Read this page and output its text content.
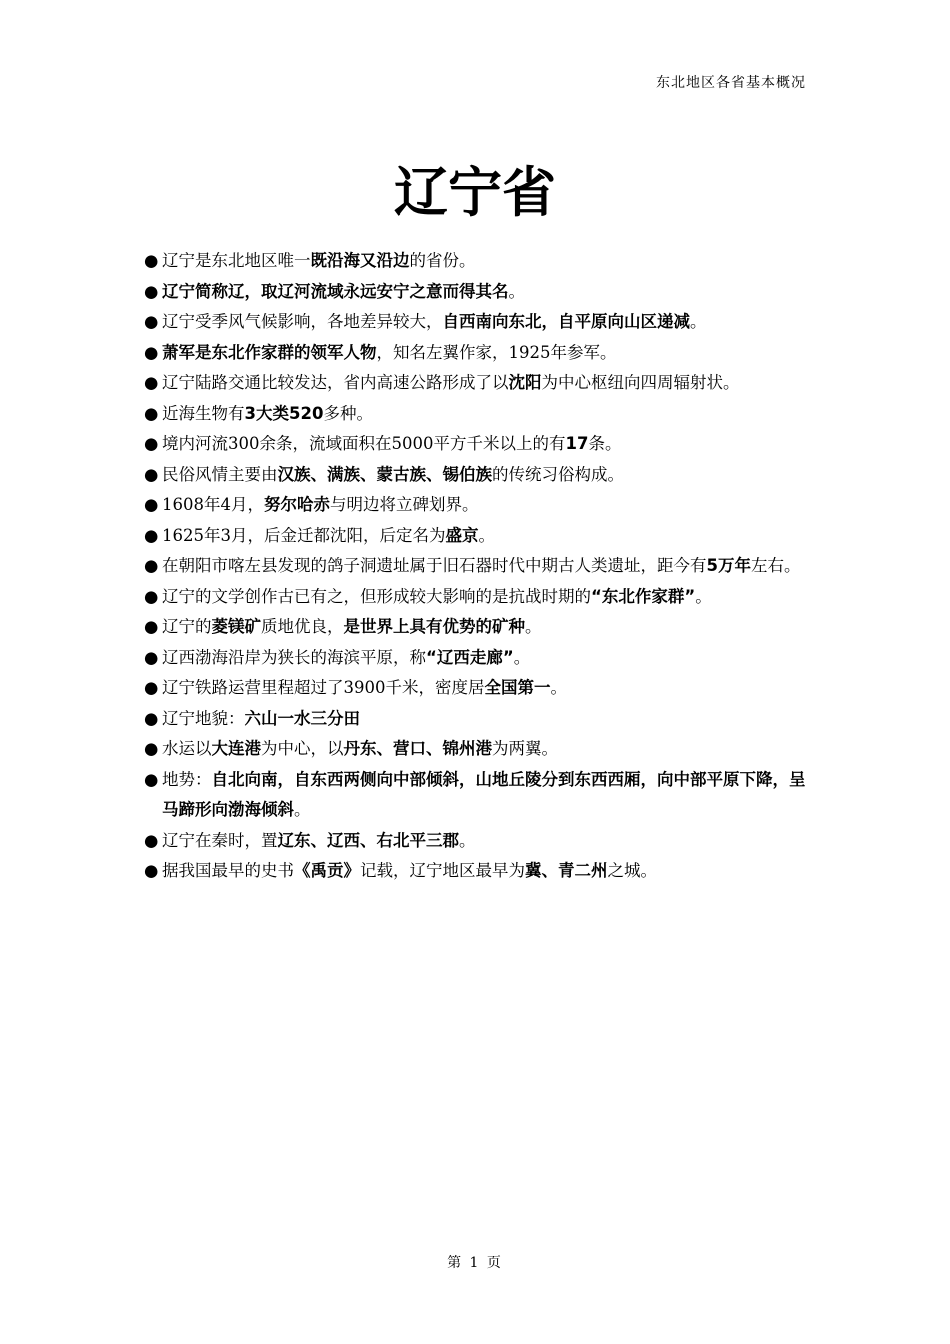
东北地区各省基本概况
辽宁省
● 辽宁是东北地区唯一既沿海又沿边的省份。
● 辽宁简称辽，取辽河流域永远安宁之意而得其名。
● 辽宁受季风气候影响，各地差异较大，自西南向东北，自平原向山区递减。
● 萧军是东北作家群的领军人物，知名左翼作家，1925年参军。
● 辽宁陆路交通比较发达，省内高速公路形成了以沈阳为中心枢纽向四周辐射状。
● 近海生物有3大类520多种。
● 境内河流300余条，流域面积在5000平方千米以上的有17条。
● 民俗风情主要由汉族、满族、蒙古族、锡伯族的传统习俗构成。
● 1608年4月，努尔哈赤与明边将立碑划界。
● 1625年3月，后金迁都沈阳，后定名为盛京。
● 在朝阳市喀左县发现的鸽子洞遗址属于旧石器时代中期古人类遗址，距今有5万年左右。
● 辽宁的文学创作古已有之，但形成较大影响的是抗战时期的“东北作家群”。
● 辽宁的菱镁矿质地优良，是世界上具有优势的矿种。
● 辽西渤海沿岸为狭长的海滨平原，称“辽西走廊”。
● 辽宁铁路运营里程超过了3900千米，密度居全国第一。
● 辽宁地貌：六山一水三分田
● 水运以大连港为中心，以丹东、营口、锦州港为两翼。
● 地势：自北向南，自东西两侧向中部倾斜，山地丘陵分到东西西厢，向中部平原下降，呈马蹄形向渤海倾斜。
● 辽宁在秦时，置辽东、辽西、右北平三郡。
● 据我国最早的史书《禹贡》记载，辽宁地区最早为冀、青二州之城。
第 1 页
